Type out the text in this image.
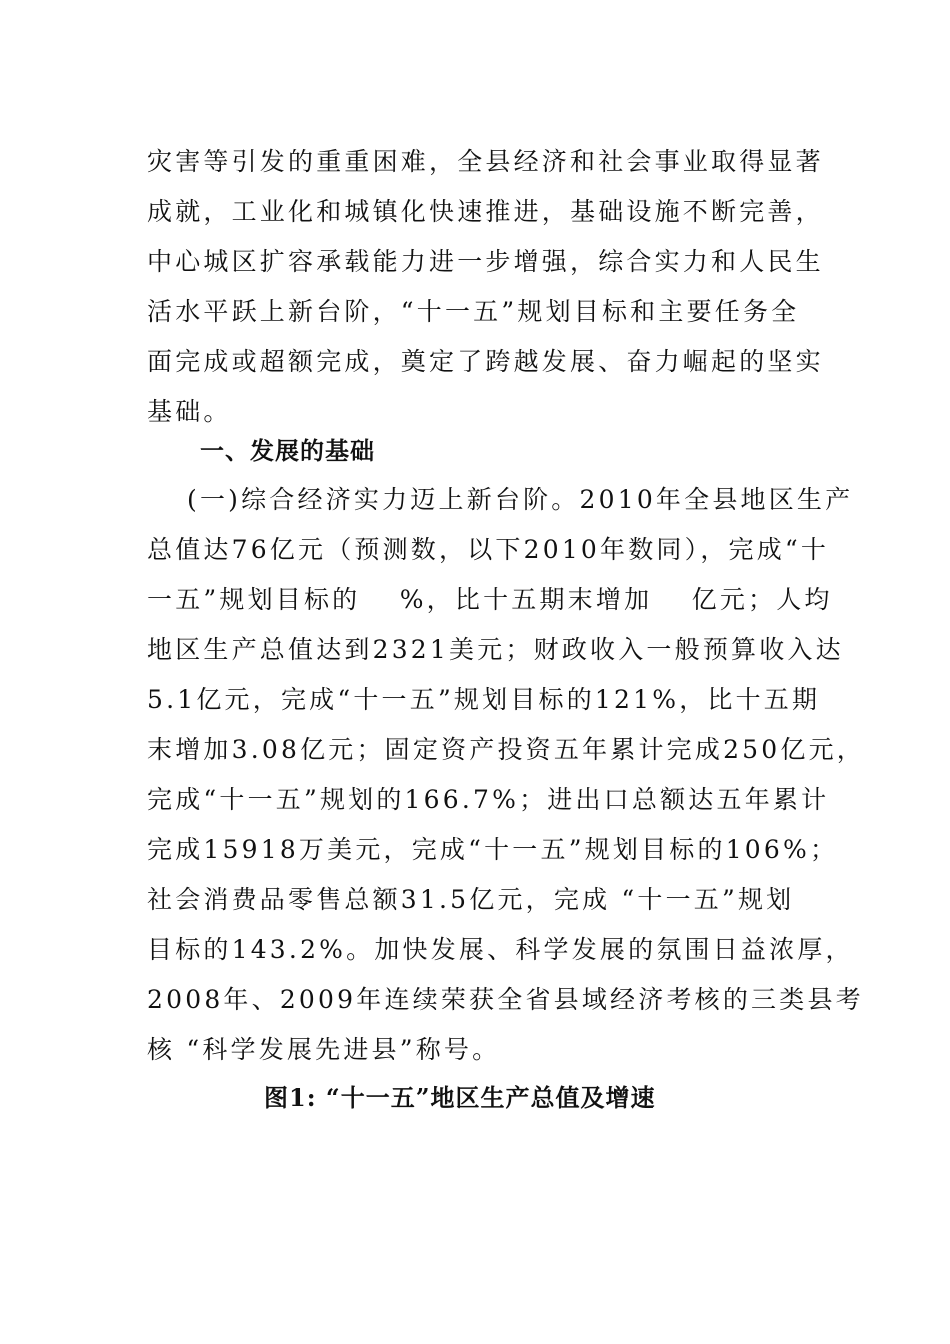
灾害等引发的重重困难，全县经济和社会事业取得显著
成就，工业化和城镇化快速推进，基础设施不断完善，
中心城区扩容承载能力进一步增强，综合实力和人民生
活水平跃上新台阶，“十一五”规划目标和主要任务全
面完成或超额完成，奠定了跨越发展、奋力崛起的坚实
基础。
一、发展的基础
(一)综合经济实力迈上新台阶。2010年全县地区生产
总值达76亿元（预测数，以下2010年数同），完成“十
一五”规划目标的　 %，比十五期末增加　 亿元；人均
地区生产总值达到2321美元；财政收入一般预算收入达
5.1亿元，完成“十一五”规划目标的121%，比十五期
末增加3.08亿元；固定资产投资五年累计完成250亿元，
完成“十一五”规划的166.7%；进出口总额达五年累计
完成15918万美元，完成“十一五”规划目标的106%；
社会消费品零售总额31.5亿元，完成 “十一五”规划
目标的143.2%。加快发展、科学发展的氛围日益浓厚，
2008年、2009年连续荣获全省县域经济考核的三类县考
核 “科学发展先进县”称号。
图1: “十一五”地区生产总值及增速
